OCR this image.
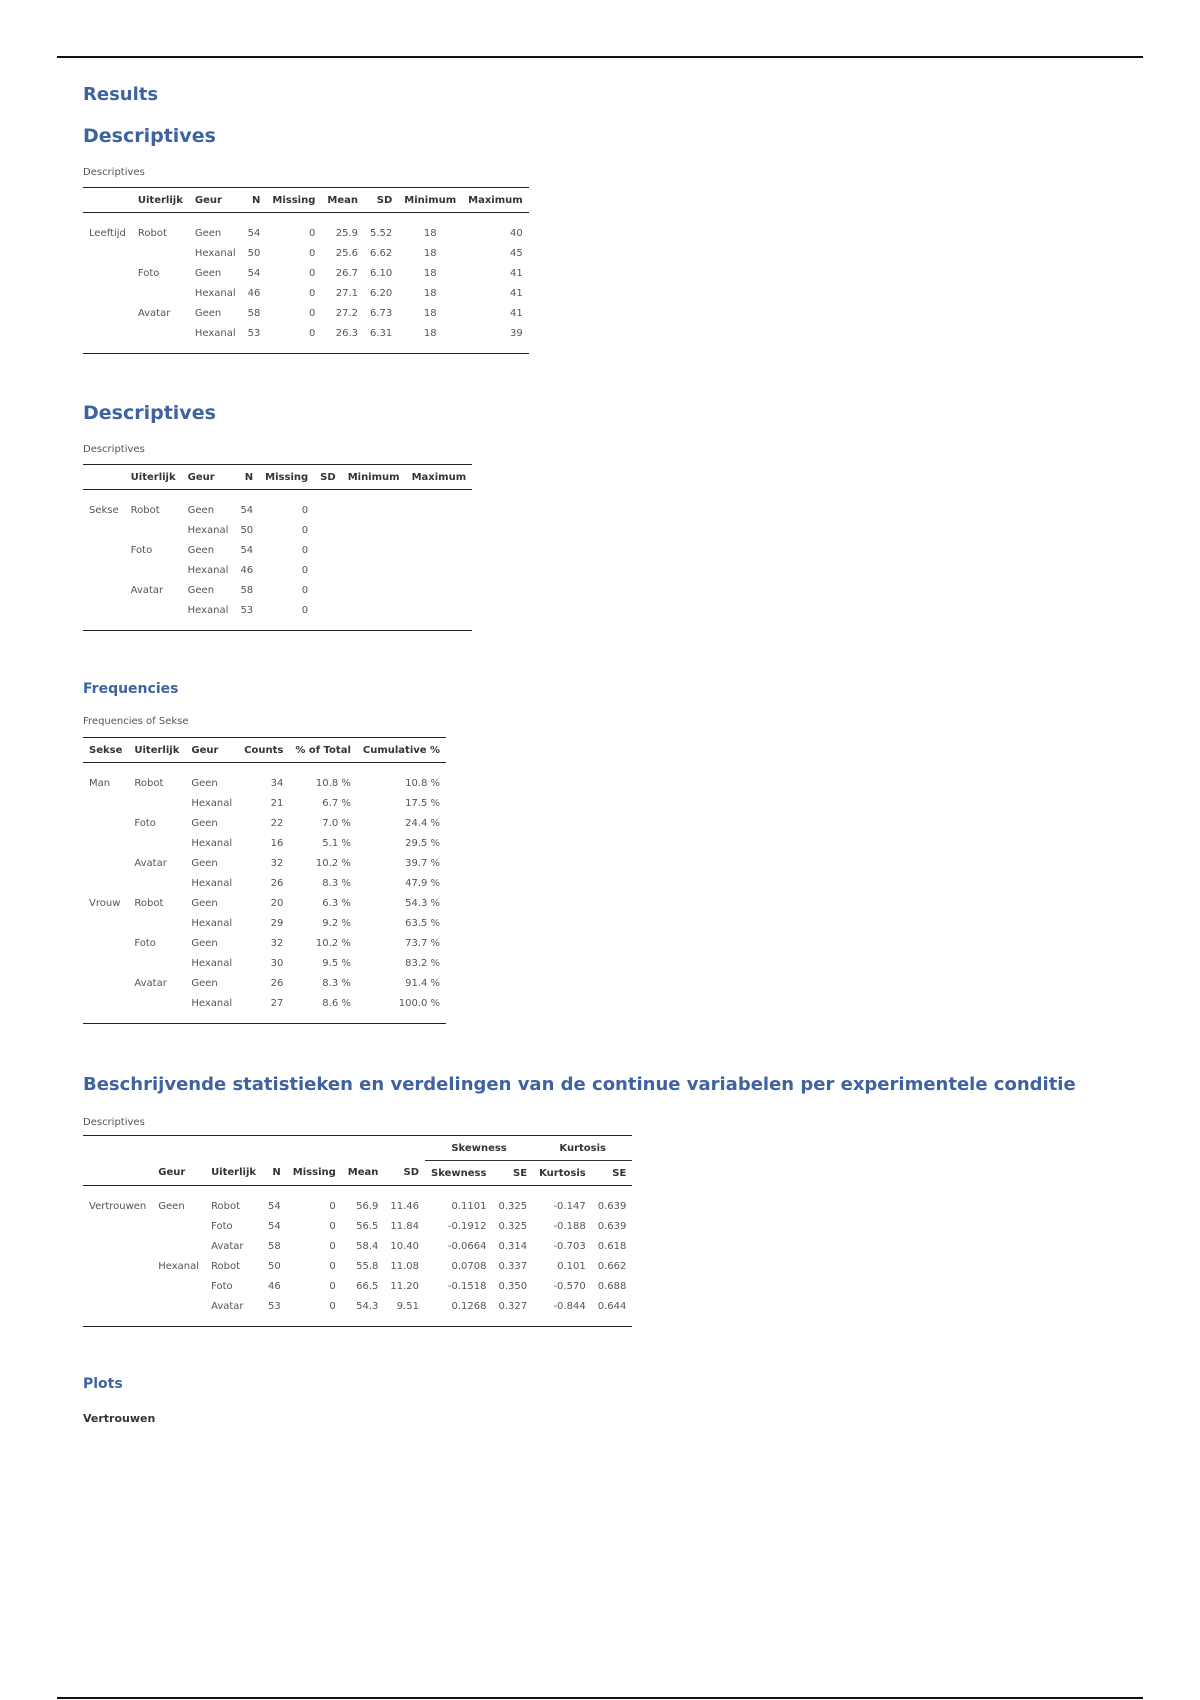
Results
Descriptives

Descriptives

	Uiterlijk	Geur	N	Missing	Mean	SD	Minimum	Maximum
Leeftijd	Robot	Geen	54	0	25.9	5.52	18	40
		Hexanal	50	0	25.6	6.62	18	45
	Foto	Geen	54	0	26.7	6.10	18	41
		Hexanal	46	0	27.1	6.20	18	41
	Avatar	Geen	58	0	27.2	6.73	18	41
		Hexanal	53	0	26.3	6.31	18	39
Descriptives

Descriptives

	Uiterlijk	Geur	N	Missing	SD	Minimum	Maximum
Sekse	Robot	Geen	54	0			
		Hexanal	50	0			
	Foto	Geen	54	0			
		Hexanal	46	0			
	Avatar	Geen	58	0			
		Hexanal	53	0			
Frequencies

Frequencies of Sekse

Sekse	Uiterlijk	Geur	Counts	% of Total	Cumulative %
Man	Robot	Geen	34	10.8 %	10.8 %
		Hexanal	21	6.7 %	17.5 %
	Foto	Geen	22	7.0 %	24.4 %
		Hexanal	16	5.1 %	29.5 %
	Avatar	Geen	32	10.2 %	39.7 %
		Hexanal	26	8.3 %	47.9 %
Vrouw	Robot	Geen	20	6.3 %	54.3 %
		Hexanal	29	9.2 %	63.5 %
	Foto	Geen	32	10.2 %	73.7 %
		Hexanal	30	9.5 %	83.2 %
	Avatar	Geen	26	8.3 %	91.4 %
		Hexanal	27	8.6 %	100.0 %
Beschrijvende statistieken en verdelingen van de continue variabelen per experimentele conditie

Descriptives

							Skewness		Kurtosis	
	Geur	Uiterlijk	N	Missing	Mean	SD	Skewness	SE	Kurtosis	SE
Vertrouwen	Geen	Robot	54	0	56.9	11.46	0.1101	0.325	-0.147	0.639
		Foto	54	0	56.5	11.84	-0.1912	0.325	-0.188	0.639
		Avatar	58	0	58.4	10.40	-0.0664	0.314	-0.703	0.618
	Hexanal	Robot	50	0	55.8	11.08	0.0708	0.337	0.101	0.662
		Foto	46	0	66.5	11.20	-0.1518	0.350	-0.570	0.688
		Avatar	53	0	54.3	9.51	0.1268	0.327	-0.844	0.644
Plots

Vertrouwen
